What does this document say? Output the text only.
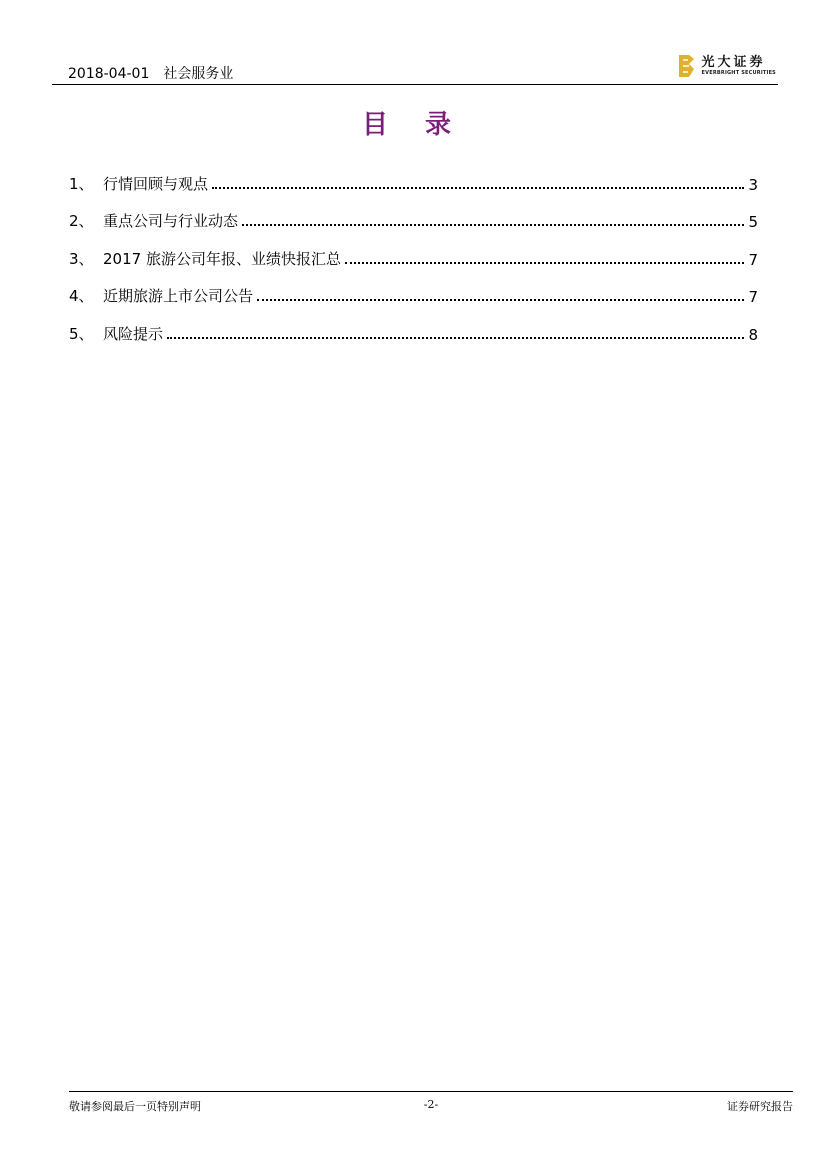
2018-04-01 社会服务业
光大证券
EVERBRIGHT SECURITIES
目 录
1、 行情回顾与观点	3
2、 重点公司与行业动态	5
3、 2017 旅游公司年报、业绩快报汇总	7
4、 近期旅游上市公司公告	7
5、 风险提示	8
敬请参阅最后一页特别声明	-2-	证券研究报告
